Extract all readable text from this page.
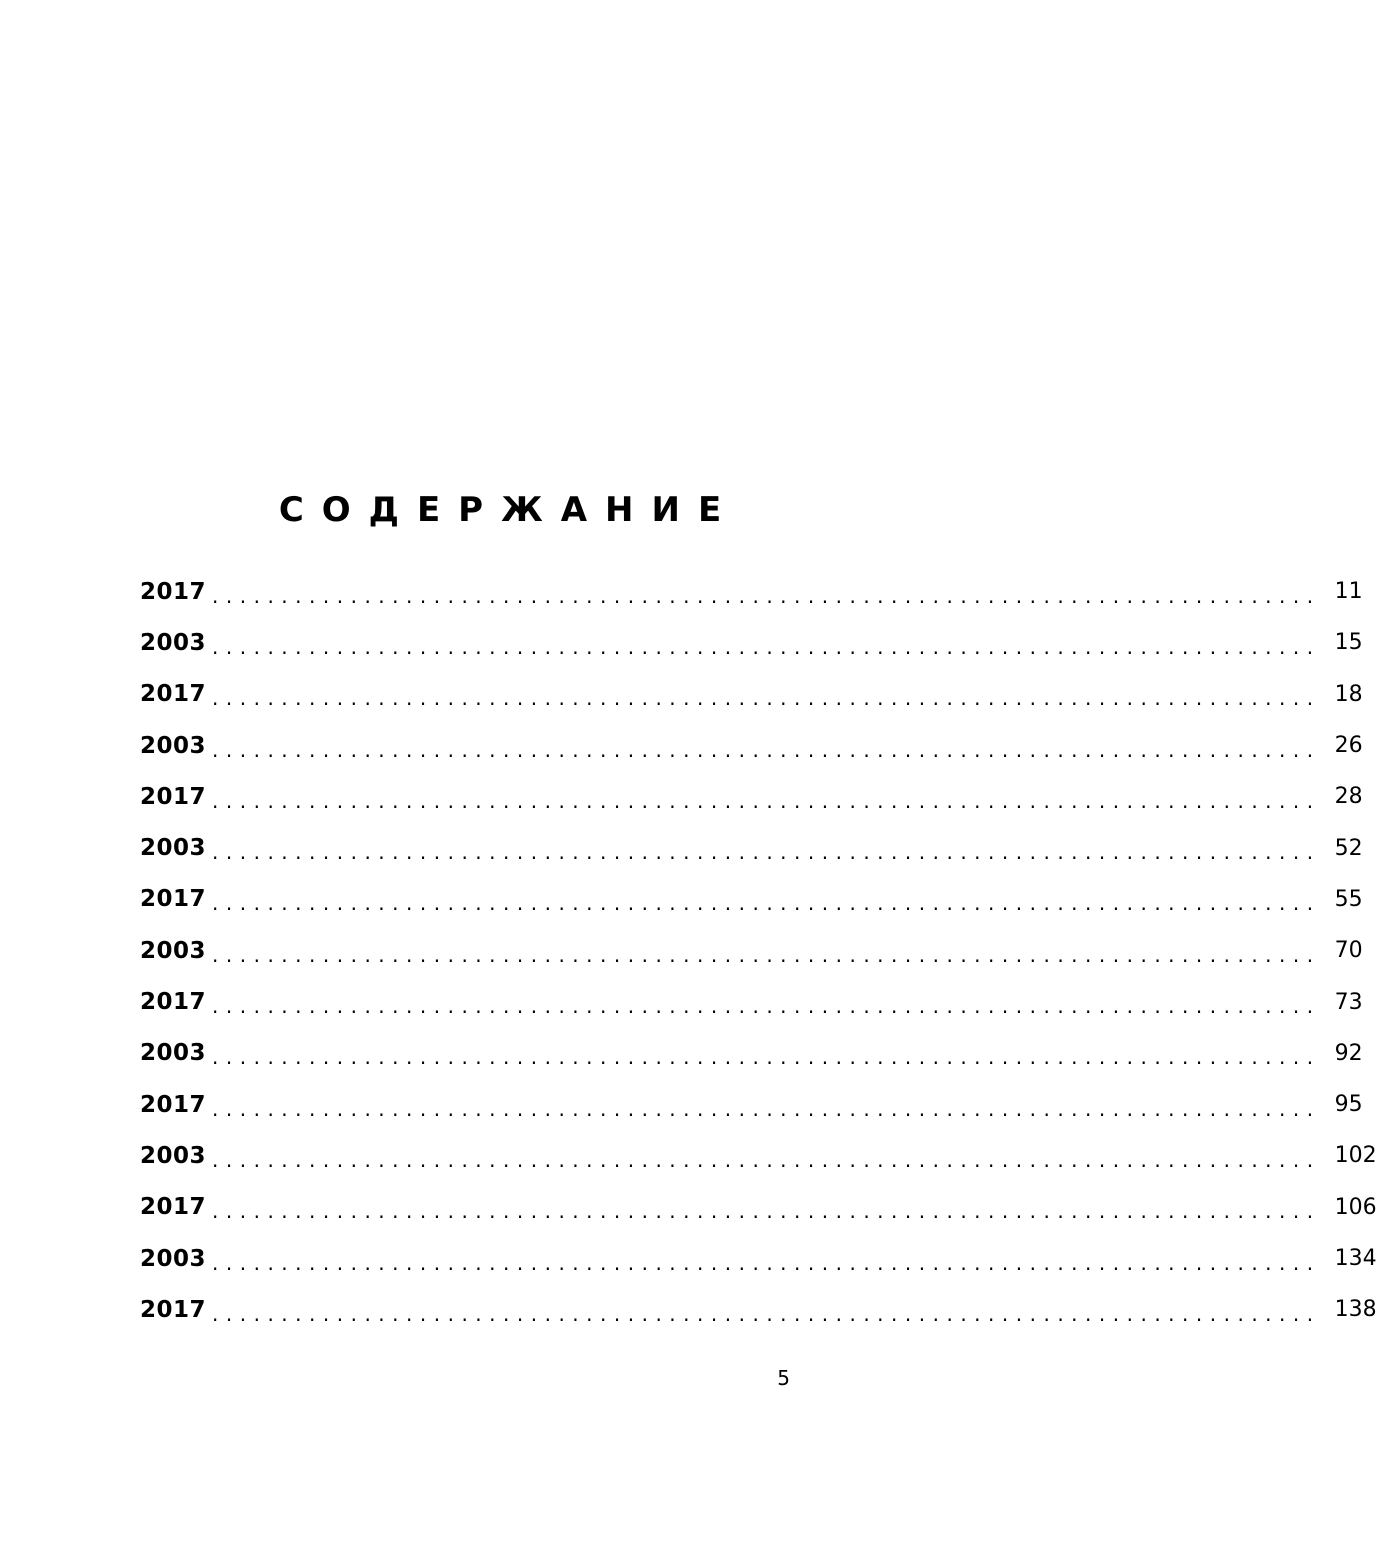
СОДЕРЖАНИЕ
2017 ................................................................................ 11
2003 ................................................................................ 15
2017 ................................................................................ 18
2003 ................................................................................ 26
2017 ................................................................................ 28
2003 ................................................................................ 52
2017 ................................................................................ 55
2003 ................................................................................ 70
2017 ................................................................................ 73
2003 ................................................................................ 92
2017 ................................................................................ 95
2003 ................................................................................ 102
2017 ................................................................................ 106
2003 ................................................................................ 134
2017 ................................................................................ 138
5
